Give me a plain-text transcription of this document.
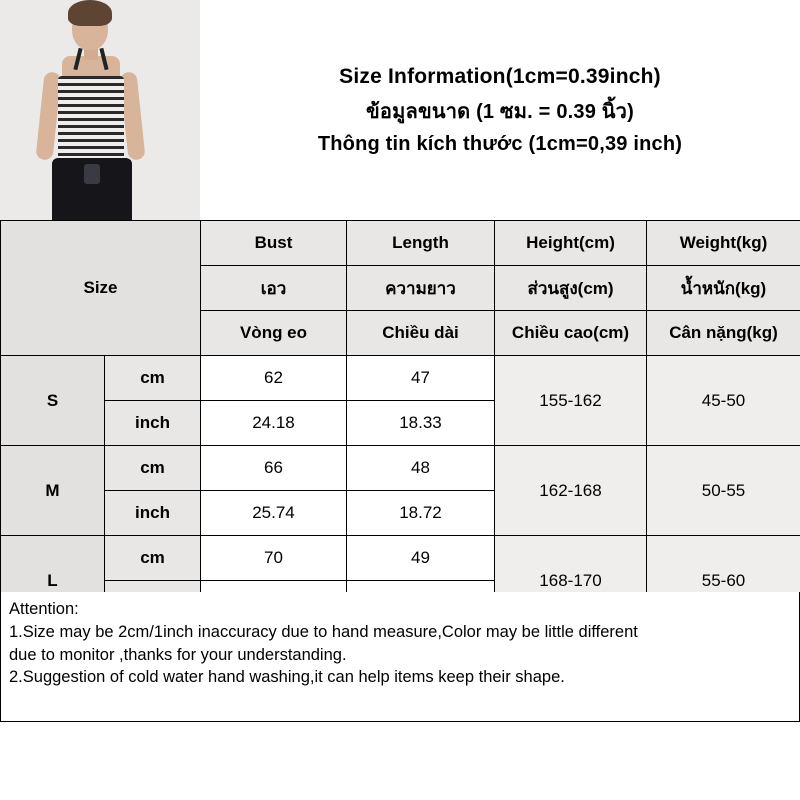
Size Information(1cm=0.39inch)
ข้อมูลขนาด (1 ซม. = 0.39 นิ้ว)
Thông tin kích thước (1cm=0,39 inch)
Size		Bust	Length	Height(cm)	Weight(kg)
		เอว	ความยาว	ส่วนสูง(cm)	น้ำหนัก(kg)
		Vòng eo	Chiều dài	Chiều cao(cm)	Cân nặng(kg)
S	cm	62	47	155-162	45-50
	inch	24.18	18.33		
M	cm	66	48	162-168	50-55
	inch	25.74	18.72		
L	cm	70	49	168-170	55-60

Attention:

1.Size may be 2cm/1inch inaccuracy due to hand measure,Color may be little different

due to monitor ,thanks for your understanding.

2.Suggestion of cold water hand washing,it can help items keep their shape.
